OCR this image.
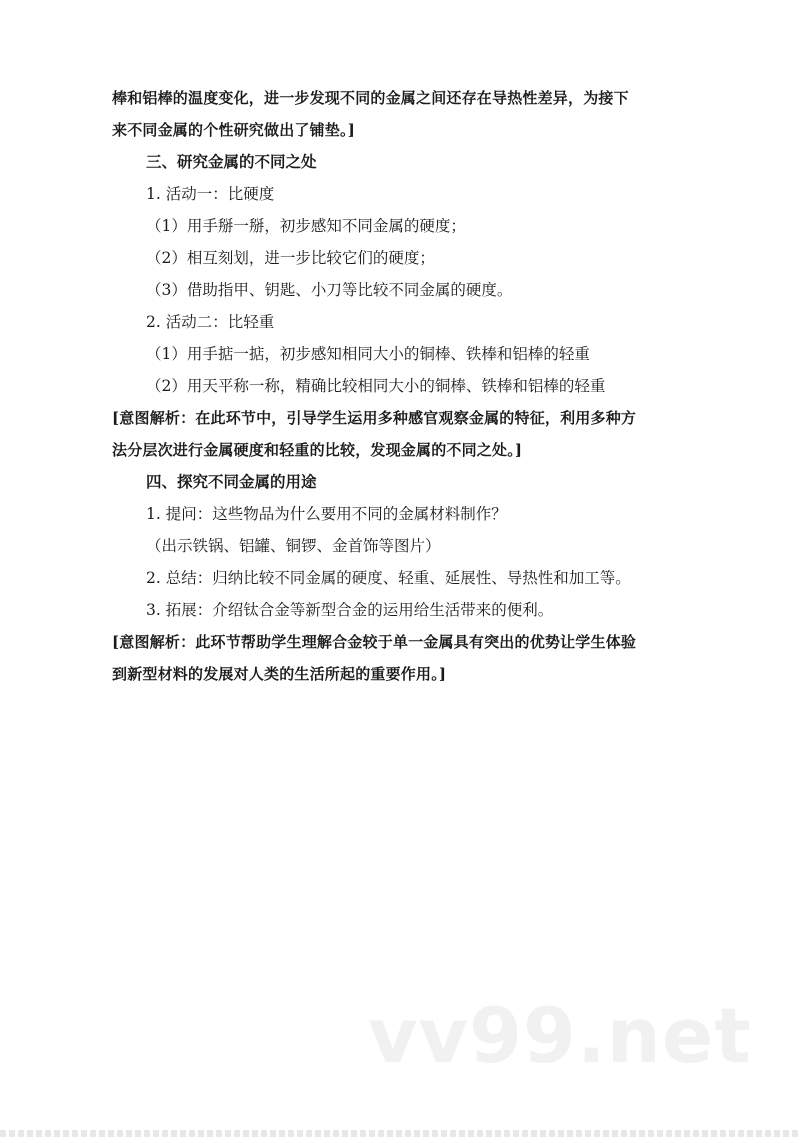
棒和铝棒的温度变化，进一步发现不同的金属之间还存在导热性差异，为接下
来不同金属的个性研究做出了铺垫。]
三、研究金属的不同之处
1. 活动一：比硬度
（1）用手掰一掰，初步感知不同金属的硬度；
（2）相互刻划，进一步比较它们的硬度；
（3）借助指甲、钥匙、小刀等比较不同金属的硬度。
2. 活动二：比轻重
（1）用手掂一掂，初步感知相同大小的铜棒、铁棒和铝棒的轻重
（2）用天平称一称，精确比较相同大小的铜棒、铁棒和铝棒的轻重
[意图解析：在此环节中，引导学生运用多种感官观察金属的特征，利用多种方
法分层次进行金属硬度和轻重的比较，发现金属的不同之处。]
四、探究不同金属的用途
1. 提问：这些物品为什么要用不同的金属材料制作？
（出示铁锅、铝罐、铜锣、金首饰等图片）
2. 总结：归纳比较不同金属的硬度、轻重、延展性、导热性和加工等。
3. 拓展：介绍钛合金等新型合金的运用给生活带来的便利。
[意图解析：此环节帮助学生理解合金较于单一金属具有突出的优势让学生体验
到新型材料的发展对人类的生活所起的重要作用。]
vv99.net
